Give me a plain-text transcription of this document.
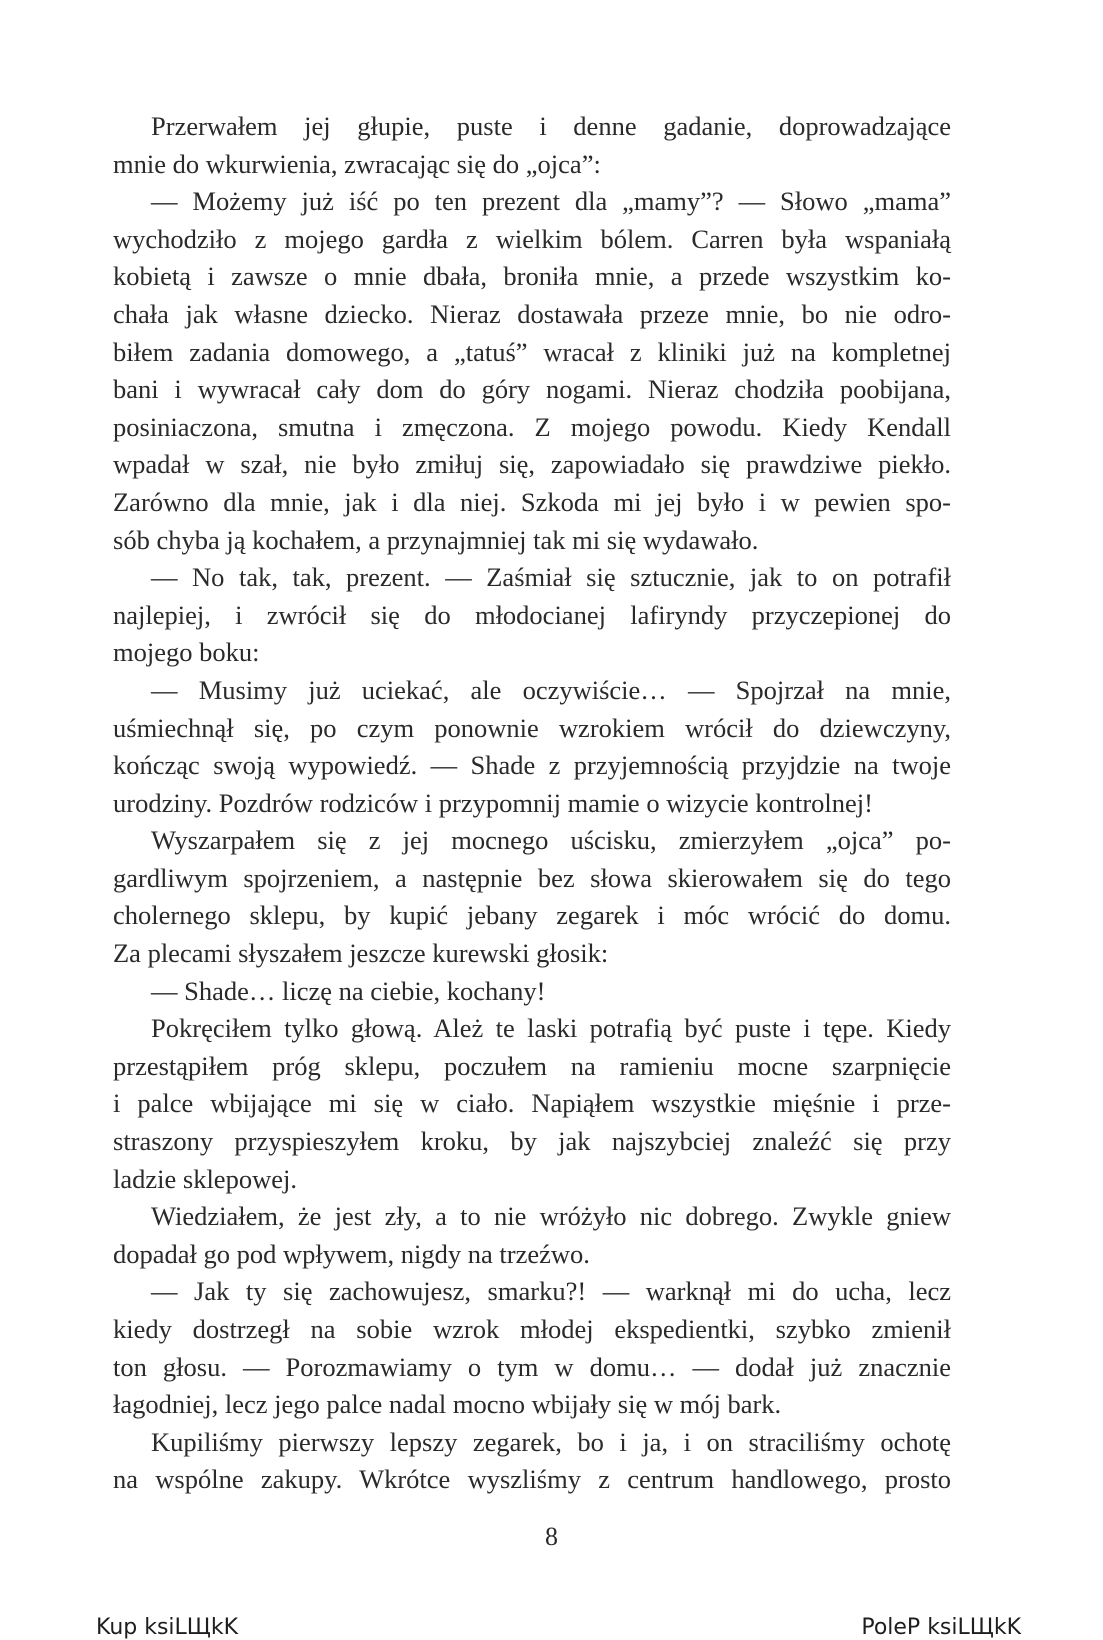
Przerwałem jej głupie, puste i denne gadanie, doprowadzające
mnie do wkurwienia, zwracając się do „ojca”:
— Możemy już iść po ten prezent dla „mamy”? — Słowo „mama”
wychodziło z mojego gardła z wielkim bólem. Carren była wspaniałą
kobietą i zawsze o mnie dbała, broniła mnie, a przede wszystkim ko-
chała jak własne dziecko. Nieraz dostawała przeze mnie, bo nie odro-
biłem zadania domowego, a „tatuś” wracał z kliniki już na kompletnej
bani i wywracał cały dom do góry nogami. Nieraz chodziła poobijana,
posiniaczona, smutna i zmęczona. Z mojego powodu. Kiedy Kendall
wpadał w szał, nie było zmiłuj się, zapowiadało się prawdziwe piekło.
Zarówno dla mnie, jak i dla niej. Szkoda mi jej było i w pewien spo-
sób chyba ją kochałem, a przynajmniej tak mi się wydawało.
— No tak, tak, prezent. — Zaśmiał się sztucznie, jak to on potrafił
najlepiej, i zwrócił się do młodocianej lafiryndy przyczepionej do
mojego boku:
— Musimy już uciekać, ale oczywiście… — Spojrzał na mnie,
uśmiechnął się, po czym ponownie wzrokiem wrócił do dziewczyny,
kończąc swoją wypowiedź. — Shade z przyjemnością przyjdzie na twoje
urodziny. Pozdrów rodziców i przypomnij mamie o wizycie kontrolnej!
Wyszarpałem się z jej mocnego uścisku, zmierzyłem „ojca” po-
gardliwym spojrzeniem, a następnie bez słowa skierowałem się do tego
cholernego sklepu, by kupić jebany zegarek i móc wrócić do domu.
Za plecami słyszałem jeszcze kurewski głosik:
— Shade… liczę na ciebie, kochany!
Pokręciłem tylko głową. Ależ te laski potrafią być puste i tępe. Kiedy
przestąpiłem próg sklepu, poczułem na ramieniu mocne szarpnięcie
i palce wbijające mi się w ciało. Napiąłem wszystkie mięśnie i prze-
straszony przyspieszyłem kroku, by jak najszybciej znaleźć się przy
ladzie sklepowej.
Wiedziałem, że jest zły, a to nie wróżyło nic dobrego. Zwykle gniew
dopadał go pod wpływem, nigdy na trzeźwo.
— Jak ty się zachowujesz, smarku?! — warknął mi do ucha, lecz
kiedy dostrzegł na sobie wzrok młodej ekspedientki, szybko zmienił
ton głosu. — Porozmawiamy o tym w domu… — dodał już znacznie
łagodniej, lecz jego palce nadal mocno wbijały się w mój bark.
Kupiliśmy pierwszy lepszy zegarek, bo i ja, i on straciliśmy ochotę
na wspólne zakupy. Wkrótce wyszliśmy z centrum handlowego, prosto
8
Kup ksiLЩkK	PoleP ksiLЩkK
